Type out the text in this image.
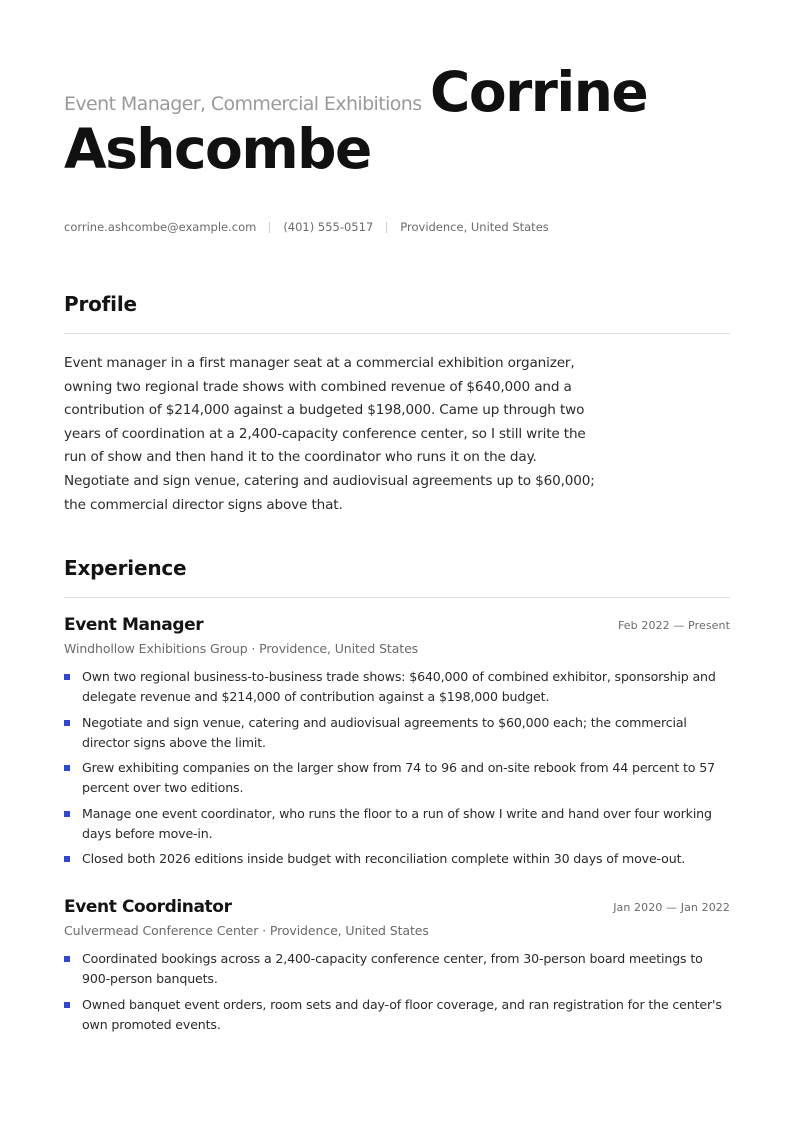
Event Manager, Commercial Exhibitions Corrine
Ashcombe
corrine.ashcombe@example.com (401) 555-0517 Providence, United States
Profile
Event manager in a first manager seat at a commercial exhibition organizer, owning two regional trade shows with combined revenue of $640,000 and a contribution of $214,000 against a budgeted $198,000. Came up through two years of coordination at a 2,400-capacity conference center, so I still write the run of show and then hand it to the coordinator who runs it on the day. Negotiate and sign venue, catering and audiovisual agreements up to $60,000; the commercial director signs above that.
Experience
Event Manager	Feb 2022 — Present
Windhollow Exhibitions Group · Providence, United States
Own two regional business-to-business trade shows: $640,000 of combined exhibitor, sponsorship and delegate revenue and $214,000 of contribution against a $198,000 budget.
Negotiate and sign venue, catering and audiovisual agreements to $60,000 each; the commercial director signs above the limit.
Grew exhibiting companies on the larger show from 74 to 96 and on-site rebook from 44 percent to 57 percent over two editions.
Manage one event coordinator, who runs the floor to a run of show I write and hand over four working days before move-in.
Closed both 2026 editions inside budget with reconciliation complete within 30 days of move-out.
Event Coordinator	Jan 2020 — Jan 2022
Culvermead Conference Center · Providence, United States
Coordinated bookings across a 2,400-capacity conference center, from 30-person board meetings to 900-person banquets.
Owned banquet event orders, room sets and day-of floor coverage, and ran registration for the center's own promoted events.
